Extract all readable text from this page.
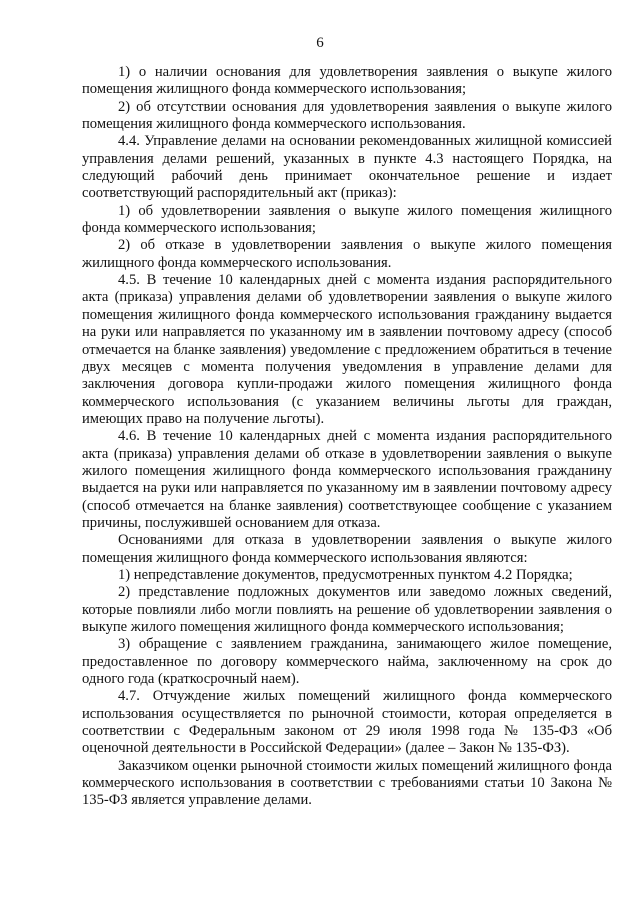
6

1) о наличии основания для удовлетворения заявления о выкупе жилого помещения жилищного фонда коммерческого использования;

2) об отсутствии основания для удовлетворения заявления о выкупе жилого помещения жилищного фонда коммерческого использования.

4.4. Управление делами на основании рекомендованных жилищной комиссией управления делами решений, указанных в пункте 4.3 настоящего Порядка, на следующий рабочий день принимает окончательное решение и издает соответствующий распорядительный акт (приказ):

1) об удовлетворении заявления о выкупе жилого помещения жилищного фонда коммерческого использования;

2) об отказе в удовлетворении заявления о выкупе жилого помещения жилищного фонда коммерческого использования.

4.5. В течение 10 календарных дней с момента издания распорядительного акта (приказа) управления делами об удовлетворении заявления о выкупе жилого помещения жилищного фонда коммерческого использования гражданину выдается на руки или направляется по указанному им в заявлении почтовому адресу (способ отмечается на бланке заявления) уведомление с предложением обратиться в течение двух месяцев с момента получения уведомления в управление делами для заключения договора купли-продажи жилого помещения жилищного фонда коммерческого использования (с указанием величины льготы для граждан, имеющих право на получение льготы).

4.6. В течение 10 календарных дней с момента издания распорядительного акта (приказа) управления делами об отказе в удовлетворении заявления о выкупе жилого помещения жилищного фонда коммерческого использования гражданину выдается на руки или направляется по указанному им в заявлении почтовому адресу (способ отмечается на бланке заявления) соответствующее сообщение с указанием причины, послужившей основанием для отказа.

Основаниями для отказа в удовлетворении заявления о выкупе жилого помещения жилищного фонда коммерческого использования являются:

1) непредставление документов, предусмотренных пунктом 4.2 Порядка;

2) представление подложных документов или заведомо ложных сведений, которые повлияли либо могли повлиять на решение об удовлетворении заявления о выкупе жилого помещения жилищного фонда коммерческого использования;

3) обращение с заявлением гражданина, занимающего жилое помещение, предоставленное по договору коммерческого найма, заключенному на срок до одного года (краткосрочный наем).

4.7. Отчуждение жилых помещений жилищного фонда коммерческого использования осуществляется по рыночной стоимости, которая определяется в соответствии с Федеральным законом от 29 июля 1998 года № 135-ФЗ «Об оценочной деятельности в Российской Федерации» (далее – Закон № 135-ФЗ).

Заказчиком оценки рыночной стоимости жилых помещений жилищного фонда коммерческого использования в соответствии с требованиями статьи 10 Закона № 135-ФЗ является управление делами.
